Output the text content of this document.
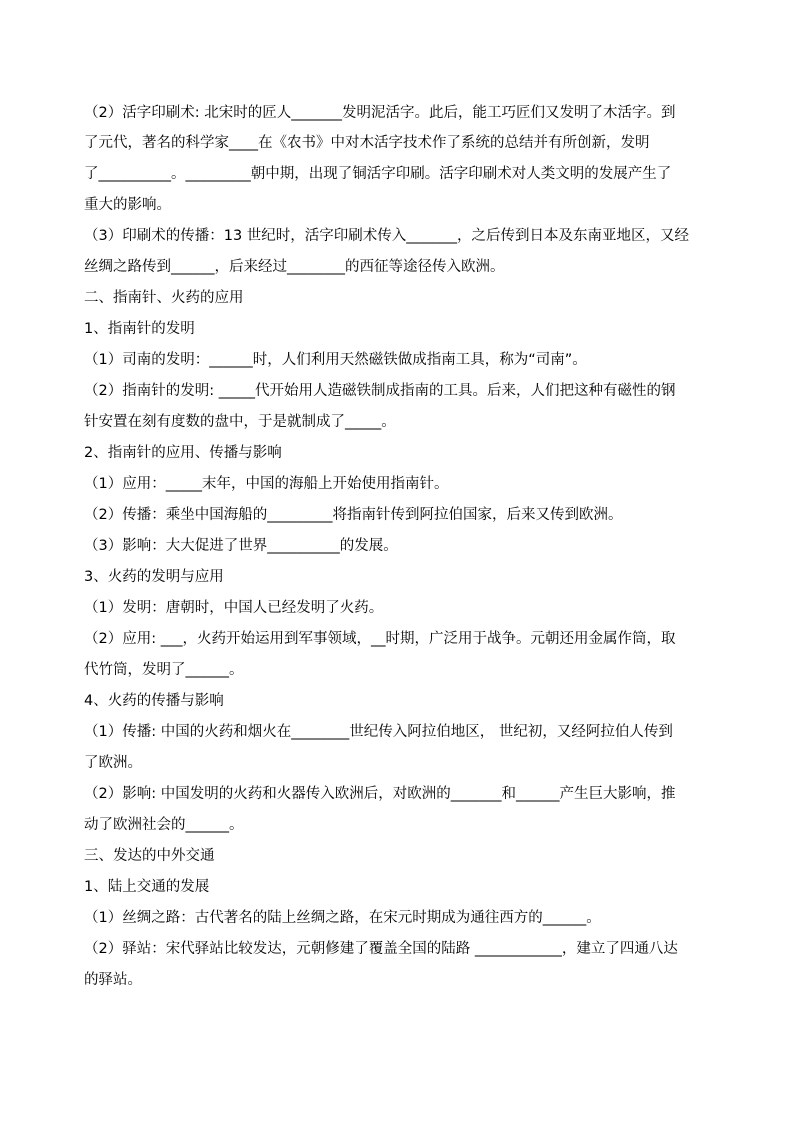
（2）活字印刷术: 北宋时的匠人_______发明泥活字。此后，能工巧匠们又发明了木活字。到
了元代，著名的科学家____在《农书》中对木活字技术作了系统的总结并有所创新，发明
了__________。_________朝中期，出现了铜活字印刷。活字印刷术对人类文明的发展产生了
重大的影响。
（3）印刷术的传播：13 世纪时，活字印刷术传入_______，之后传到日本及东南亚地区，又经
丝绸之路传到______，后来经过________的西征等途径传入欧洲。
二、指南针、火药的应用
1、指南针的发明
（1）司南的发明：______时，人们利用天然磁铁做成指南工具，称为“司南”。
（2）指南针的发明: _____代开始用人造磁铁制成指南的工具。后来，人们把这种有磁性的钢
针安置在刻有度数的盘中，于是就制成了_____。
2、指南针的应用、传播与影响
（1）应用：_____末年，中国的海船上开始使用指南针。
（2）传播：乘坐中国海船的_________将指南针传到阿拉伯国家，后来又传到欧洲。
（3）影响：大大促进了世界__________的发展。
3、火药的发明与应用
（1）发明：唐朝时，中国人已经发明了火药。
（2）应用: ___，火药开始运用到军事领域，__时期，广泛用于战争。元朝还用金属作筒，取
代竹筒，发明了______。
4、火药的传播与影响
（1）传播: 中国的火药和烟火在________世纪传入阿拉伯地区， 世纪初，又经阿拉伯人传到
了欧洲。
（2）影响: 中国发明的火药和火器传入欧洲后，对欧洲的_______和______产生巨大影响，推
动了欧洲社会的______。
三、发达的中外交通
1、陆上交通的发展
（1）丝绸之路：古代著名的陆上丝绸之路，在宋元时期成为通往西方的______。
（2）驿站：宋代驿站比较发达，元朝修建了覆盖全国的陆路 ____________，建立了四通八达
的驿站。
